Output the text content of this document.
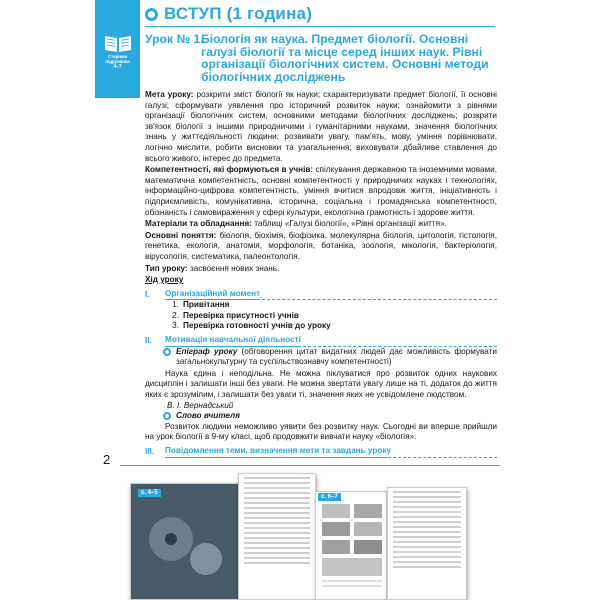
Сторінки
підручника
4–7
ВСТУП (1 година)
Урок № 1.
Біологія як наука. Предмет біології. Основні галузі біології та місце серед інших наук. Рівні організації біологічних систем. Основні методи біологічних досліджень

Мета уроку: розкрити зміст біології як науки; схарактеризувати предмет біології, її основні галузі; сформувати уявлення про історичний розвиток науки; ознайомити з рівнями організації біологічних систем, основними методами біологічних досліджень; розкрити зв'язок біології з іншими природничими і гуманітарними науками, значення біологічних знань у життєдіяльності людини; розвивати увагу, пам'ять, мову, уміння порівнювати, логічно мислити, робити висновки та узагальнення; виховувати дбайливе ставлення до всього живого, інтерес до предмета.

Компетентності, які формуються в учнів: спілкування державною та іноземними мовами, математична компетентність, основні компетентності у природничих науках і технологіях, інформаційно-цифрова компетентність, уміння вчитися впродовж життя, ініціативність і підприємливість, комунікативна, історична, соціальна і громадянська компетентності, обізнаність і самовираження у сфері культури, екологічна грамотність і здорове життя.

Матеріали та обладнання: таблиці «Галузі біології», «Рівні організації життя».

Основні поняття: біологія, біохімія, біофізика, молекулярна біологія, цитологія, гістологія, генетика, екологія, анатомія, морфологія, ботаніка, зоологія, мікологія, бактеріологія, вірусологія, систематика, палеонтологія.

Тип уроку: засвоєння нових знань.

Хід уроку

I.	Організаційний момент
1. Привітання
2. Перевірка присутності учнів
3. Перевірка готовності учнів до уроку
II.	Мотивація навчальної діяльності
Епіграф уроку (обговорення цитат видатних людей дає можливість формувати загальнокультурну та суспільствознавчу компетентності)

Наука єдина і неподільна. Не можна піклуватися про розвиток одних наукових дисциплін і залишати інші без уваги. Не можна звертати увагу лише на ті, додаток до життя яких є зрозумілим, і залишати без уваги ті, значення яких не усвідомлене людством.

В. І. Вернадський

Слово вчителя

Розвиток людини неможливо уявити без розвитку наук. Сьогодні ви вперше прийшли на урок біології в 9-му класі, щоб продовжити вивчати науку «біологія».

III.	Повідомлення теми, визначення мети та завдань уроку
2
с. 4–5
с. 6–7
